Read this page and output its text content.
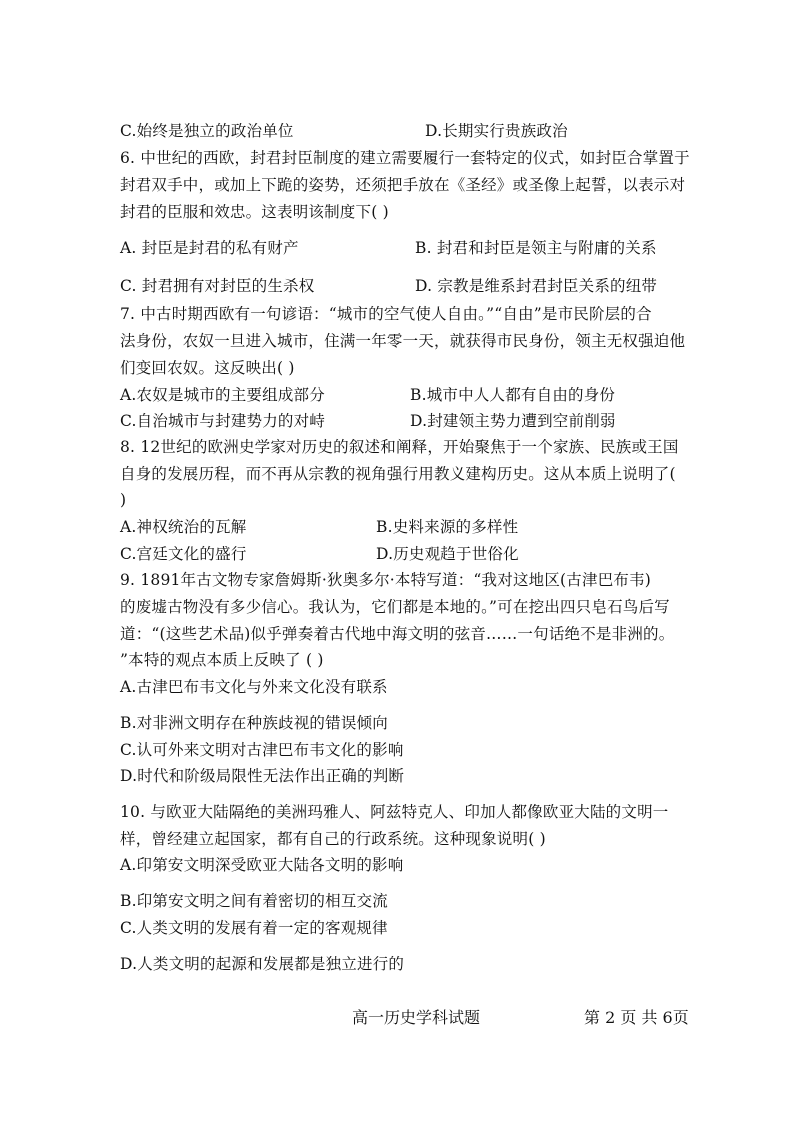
C.始终是独立的政治单位	D.长期实行贵族政治
6. 中世纪的西欧，封君封臣制度的建立需要履行一套特定的仪式，如封臣合掌置于
封君双手中，或加上下跪的姿势，还须把手放在《圣经》或圣像上起誓，以表示对
封君的臣服和效忠。这表明该制度下( )
A. 封臣是封君的私有财产	B. 封君和封臣是领主与附庸的关系
C. 封君拥有对封臣的生杀权	D. 宗教是维系封君封臣关系的纽带
7. 中古时期西欧有一句谚语：“城市的空气使人自由。”“自由”是市民阶层的合
法身份，农奴一旦进入城市，住满一年零一天，就获得市民身份，领主无权强迫他
们变回农奴。这反映出( )
A.农奴是城市的主要组成部分	B.城市中人人都有自由的身份
C.自治城市与封建势力的对峙	D.封建领主势力遭到空前削弱
8. 12世纪的欧洲史学家对历史的叙述和阐释，开始聚焦于一个家族、民族或王国
自身的发展历程，而不再从宗教的视角强行用教义建构历史。这从本质上说明了(
)
A.神权统治的瓦解	B.史料来源的多样性
C.宫廷文化的盛行	D.历史观趋于世俗化
9. 1891年古文物专家詹姆斯·狄奥多尔·本特写道：“我对这地区(古津巴布韦)
的废墟古物没有多少信心。我认为，它们都是本地的。”可在挖出四只皂石鸟后写
道：“(这些艺术品)似乎弹奏着古代地中海文明的弦音……一句话绝不是非洲的。
”本特的观点本质上反映了 ( )
A.古津巴布韦文化与外来文化没有联系
B.对非洲文明存在种族歧视的错误倾向
C.认可外来文明对古津巴布韦文化的影响
D.时代和阶级局限性无法作出正确的判断
10. 与欧亚大陆隔绝的美洲玛雅人、阿兹特克人、印加人都像欧亚大陆的文明一
样，曾经建立起国家，都有自己的行政系统。这种现象说明( )
A.印第安文明深受欧亚大陆各文明的影响
B.印第安文明之间有着密切的相互交流
C.人类文明的发展有着一定的客观规律
D.人类文明的起源和发展都是独立进行的
高一历史学科试题	第 2 页 共 6页
